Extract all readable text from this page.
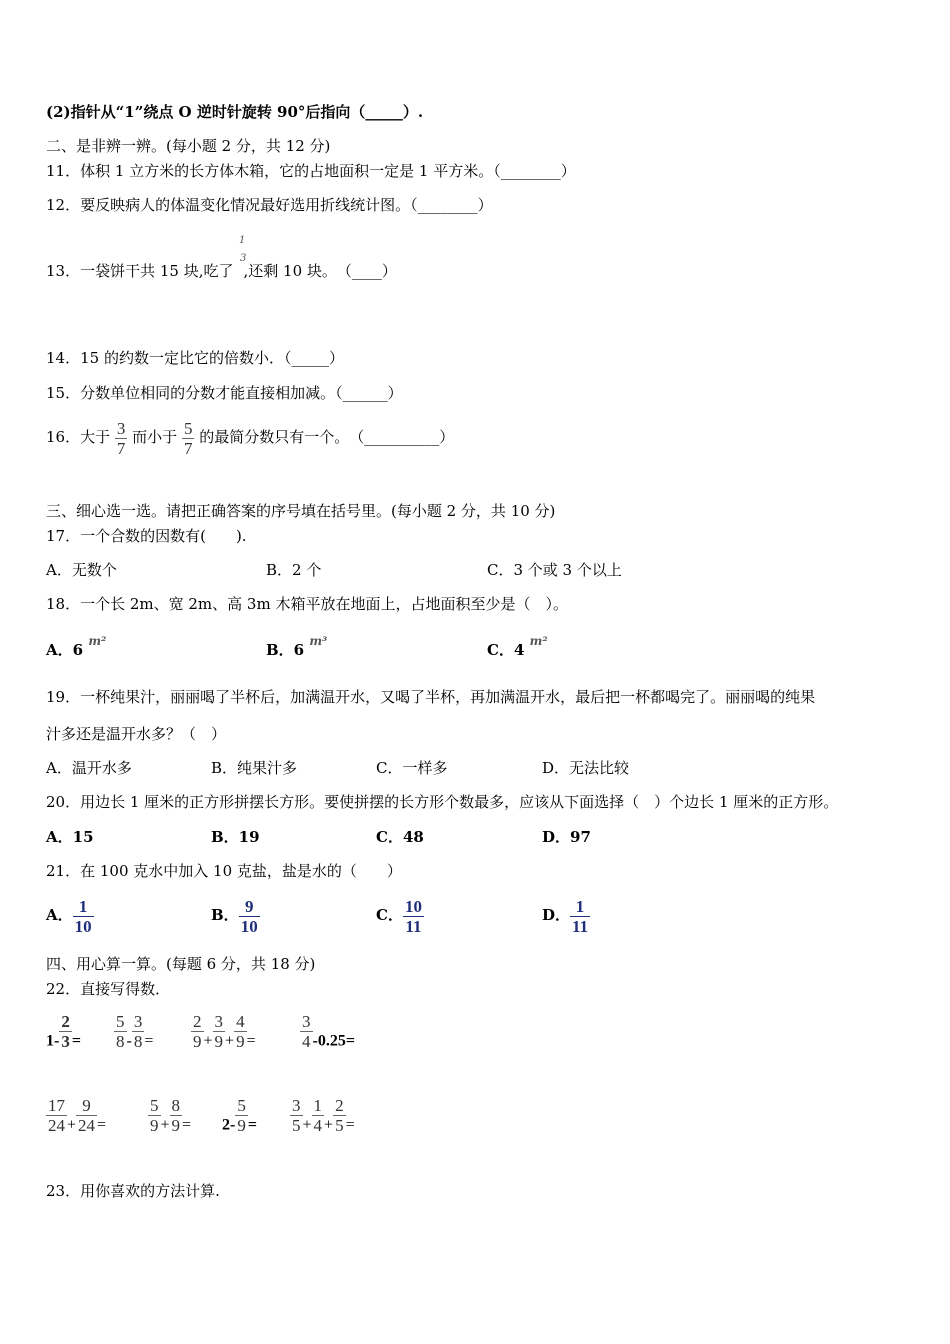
(2)指针从“1”绕点 O 逆时针旋转 90°后指向（_____）.
二、是非辨一辨。(每小题 2 分，共 12 分)
11．体积 1 立方米的长方体木箱，它的占地面积一定是 1 平方米。（________）
12．要反映病人的体温变化情况最好选用折线统计图。（________）
13．一袋饼干共 15 块,吃了 ,还剩 10 块。　（____）
1
3
14．15 的约数一定比它的倍数小．（_____）
15．分数单位相同的分数才能直接相加减。（______）
16．大于 $\frac{3}{7}$ 而小于 $\frac{5}{7}$ 的最简分数只有一个。　（__________）
三、细心选一选。请把正确答案的序号填在括号里。(每小题 2 分，共 10 分)
17．一个合数的因数有(　　).
A．无数个	B．2 个	C．3 个或 3 个以上
18．一个长 2m、宽 2m、高 3m 木箱平放在地面上，占地面积至少是（　）。
A．6 $^{m^2}$	B．6 $^{m^3}$	C．4 $^{m^2}$
19．一杯纯果汁，丽丽喝了半杯后，加满温开水，又喝了半杯，再加满温开水，最后把一杯都喝完了。丽丽喝的纯果
汁多还是温开水多？（　）
A．温开水多	B．纯果汁多	C．一样多	D．无法比较
20．用边长 1 厘米的正方形拼摆长方形。要使拼摆的长方形个数最多，应该从下面选择（　）个边长 1 厘米的正方形。
A．15	B．19	C．48	D．97
21．在 100 克水中加入 10 克盐，盐是水的（　　）
A． $\frac{1}{10}$	B． $\frac{9}{10}$	C． $\frac{10}{11}$	D． $\frac{1}{11}$
四、用心算一算。(每题 6 分，共 18 分)
22．直接写得数．
$1- \frac{2}{3} = \frac{5}{8} - \frac{3}{8} = \frac{2}{9} + \frac{3}{9} + \frac{4}{9}$ =	$\frac{3}{4} -0.25=$
$\frac{17}{24} + \frac{9}{24} = \frac{5}{9} + \frac{8}{9} = 2- \frac{5}{9} = \frac{3}{5} + \frac{1}{4} + \frac{2}{5}$ =
23．用你喜欢的方法计算.
